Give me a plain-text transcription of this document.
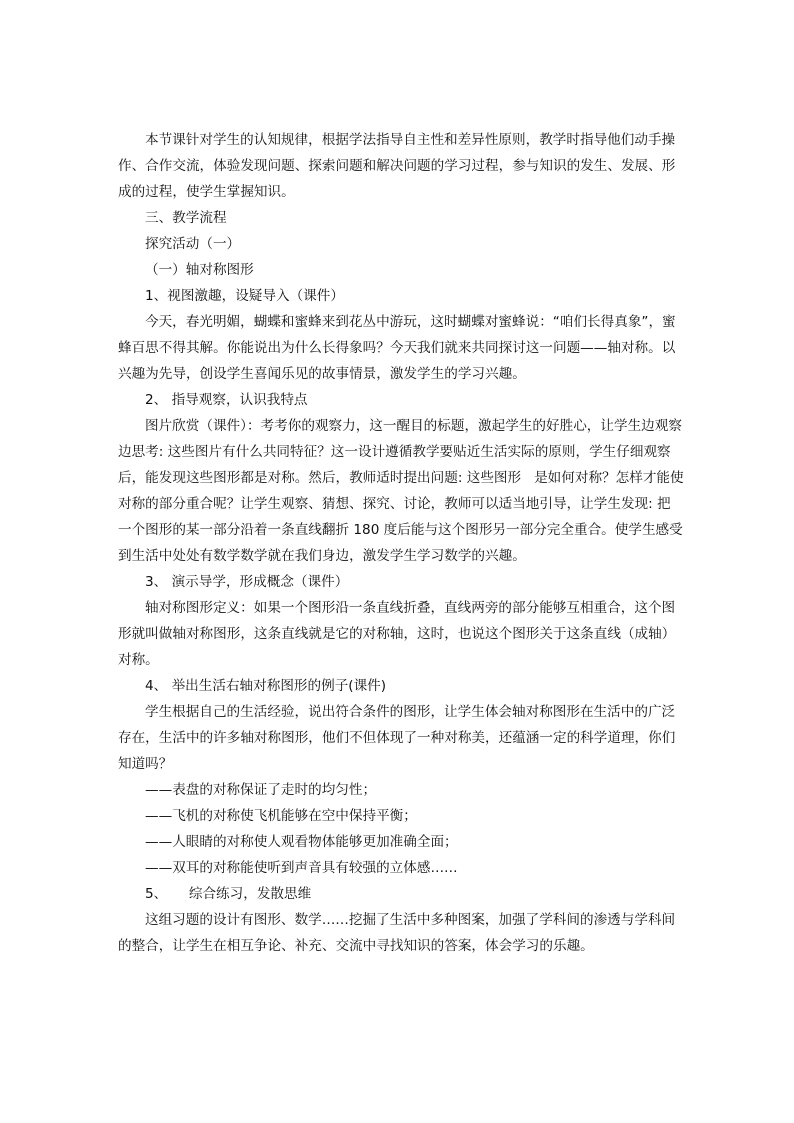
本节课针对学生的认知规律，根据学法指导自主性和差异性原则，教学时指导他们动手操作、合作交流，体验发现问题、探索问题和解决问题的学习过程，参与知识的发生、发展、形成的过程，使学生掌握知识。

三、教学流程

探究活动（一）

（一）轴对称图形

1、视图激趣，设疑导入（课件）

今天，春光明媚，蝴蝶和蜜蜂来到花丛中游玩，这时蝴蝶对蜜蜂说：“咱们长得真象”，蜜蜂百思不得其解。你能说出为什么长得象吗？今天我们就来共同探讨这一问题——轴对称。以兴趣为先导，创设学生喜闻乐见的故事情景，激发学生的学习兴趣。

2、 指导观察，认识我特点

图片欣赏（课件）：考考你的观察力，这一醒目的标题，激起学生的好胜心，让学生边观察边思考: 这些图片有什么共同特征？这一设计遵循教学要贴近生活实际的原则，学生仔细观察后，能发现这些图形都是对称。然后，教师适时提出问题: 这些图形   是如何对称？怎样才能使对称的部分重合呢？让学生观察、猜想、探究、讨论，教师可以适当地引导，让学生发现: 把一个图形的某一部分沿着一条直线翻折 180 度后能与这个图形另一部分完全重合。使学生感受到生活中处处有数学数学就在我们身边，激发学生学习数学的兴趣。

3、 演示导学，形成概念（课件）

轴对称图形定义：如果一个图形沿一条直线折叠，直线两旁的部分能够互相重合，这个图形就叫做轴对称图形，这条直线就是它的对称轴，这时，也说这个图形关于这条直线（成轴）对称。

4、 举出生活右轴对称图形的例子(课件)

学生根据自己的生活经验，说出符合条件的图形，让学生体会轴对称图形在生活中的广泛存在，生活中的许多轴对称图形，他们不但体现了一种对称美，还蕴涵一定的科学道理，你们知道吗？

——表盘的对称保证了走时的均匀性；

——飞机的对称使飞机能够在空中保持平衡；

——人眼睛的对称使人观看物体能够更加准确全面；

——双耳的对称能使听到声音具有较强的立体感……

5、     综合练习，发散思维

这组习题的设计有图形、数学……挖掘了生活中多种图案，加强了学科间的渗透与学科间的整合，让学生在相互争论、补充、交流中寻找知识的答案，体会学习的乐趣。
